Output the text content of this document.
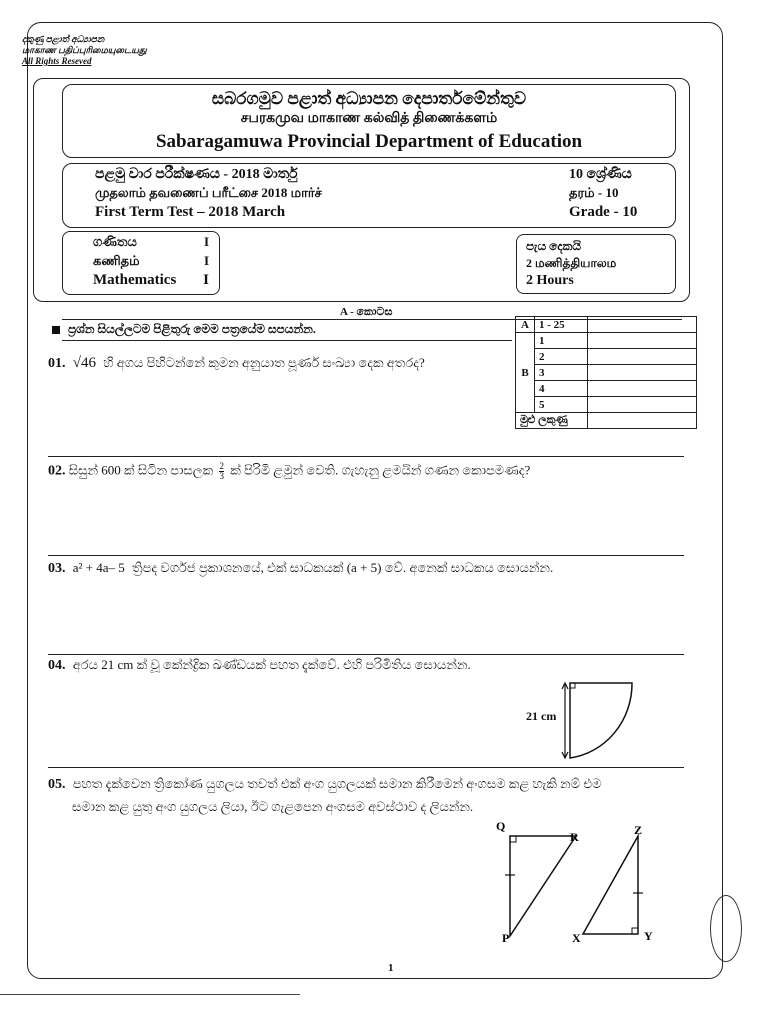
දකුණු පළාත් අධ්‍යාපන
மாகாண பதிப்புரிமையுடையது
All Rights Reseved
සබරගමුව පළාත් අධ්‍යාපන දෙපාර්තමේන්තුව
சபரகமுவ மாகாண கல்வித் திணைக்களம்
Sabaragamuwa Provincial Department of Education
පළමු වාර පරීක්ෂණය - 2018 මාර්තු	10 ශ්‍රේණිය
முதலாம் தவணைப் பரீட்சை 2018 மார்ச்	தரம் - 10
First Term Test – 2018 March	Grade - 10
ගණිතය	I
கணிதம்	I
Mathematics I
පැය දෙකයි
2 மணித்தியாலம
2 Hours
A - කොටස
ප්‍රශ්න සියල්ලටම පිළිතුරු මෙම පත්‍රයේම සපයන්න.	A	1 - 25	
B	1	
	2	
	3	
	4	
	5	
මුළු ලකුණු		
01. √46 හි අගය පිහිටන්නේ කුමන අනුයාත පූර්ණ සංඛ්‍යා දෙක අතරද?
02. සිසුන් 600 ක් සිටින පාසලක $\frac{2}{3}$ ක් පිරිමි ළමුන් වෙති. ගැහැනු ළමයින් ගණන කොපමණද?
03. a² + 4a– 5 ත්‍රිපද වර්ගජ ප්‍රකාශනයේ, එක් සාධකයක් (a + 5) වේ. අනෙක් සාධකය සොයන්න.
04. අරය 21 cm ක් වූ කේන්ද්‍රික ඛණ්ඩයක් පහත දැක්වේ. එහි පරිමිතිය සොයන්න.
21 cm
05. පහත දැක්වෙන ත්‍රිකෝණ යුගලය තවත් එක් අංග යුගලයක් සමාන කිරීමෙන් අංගසම කළ හැකි නම් එම
සමාන කළ යුතු අංග යුගලය ලියා, ඊට ගැළපෙන අංගසම අවස්ථාව ද ලියන්න.
Q
R
P
Z
X	Y
1
